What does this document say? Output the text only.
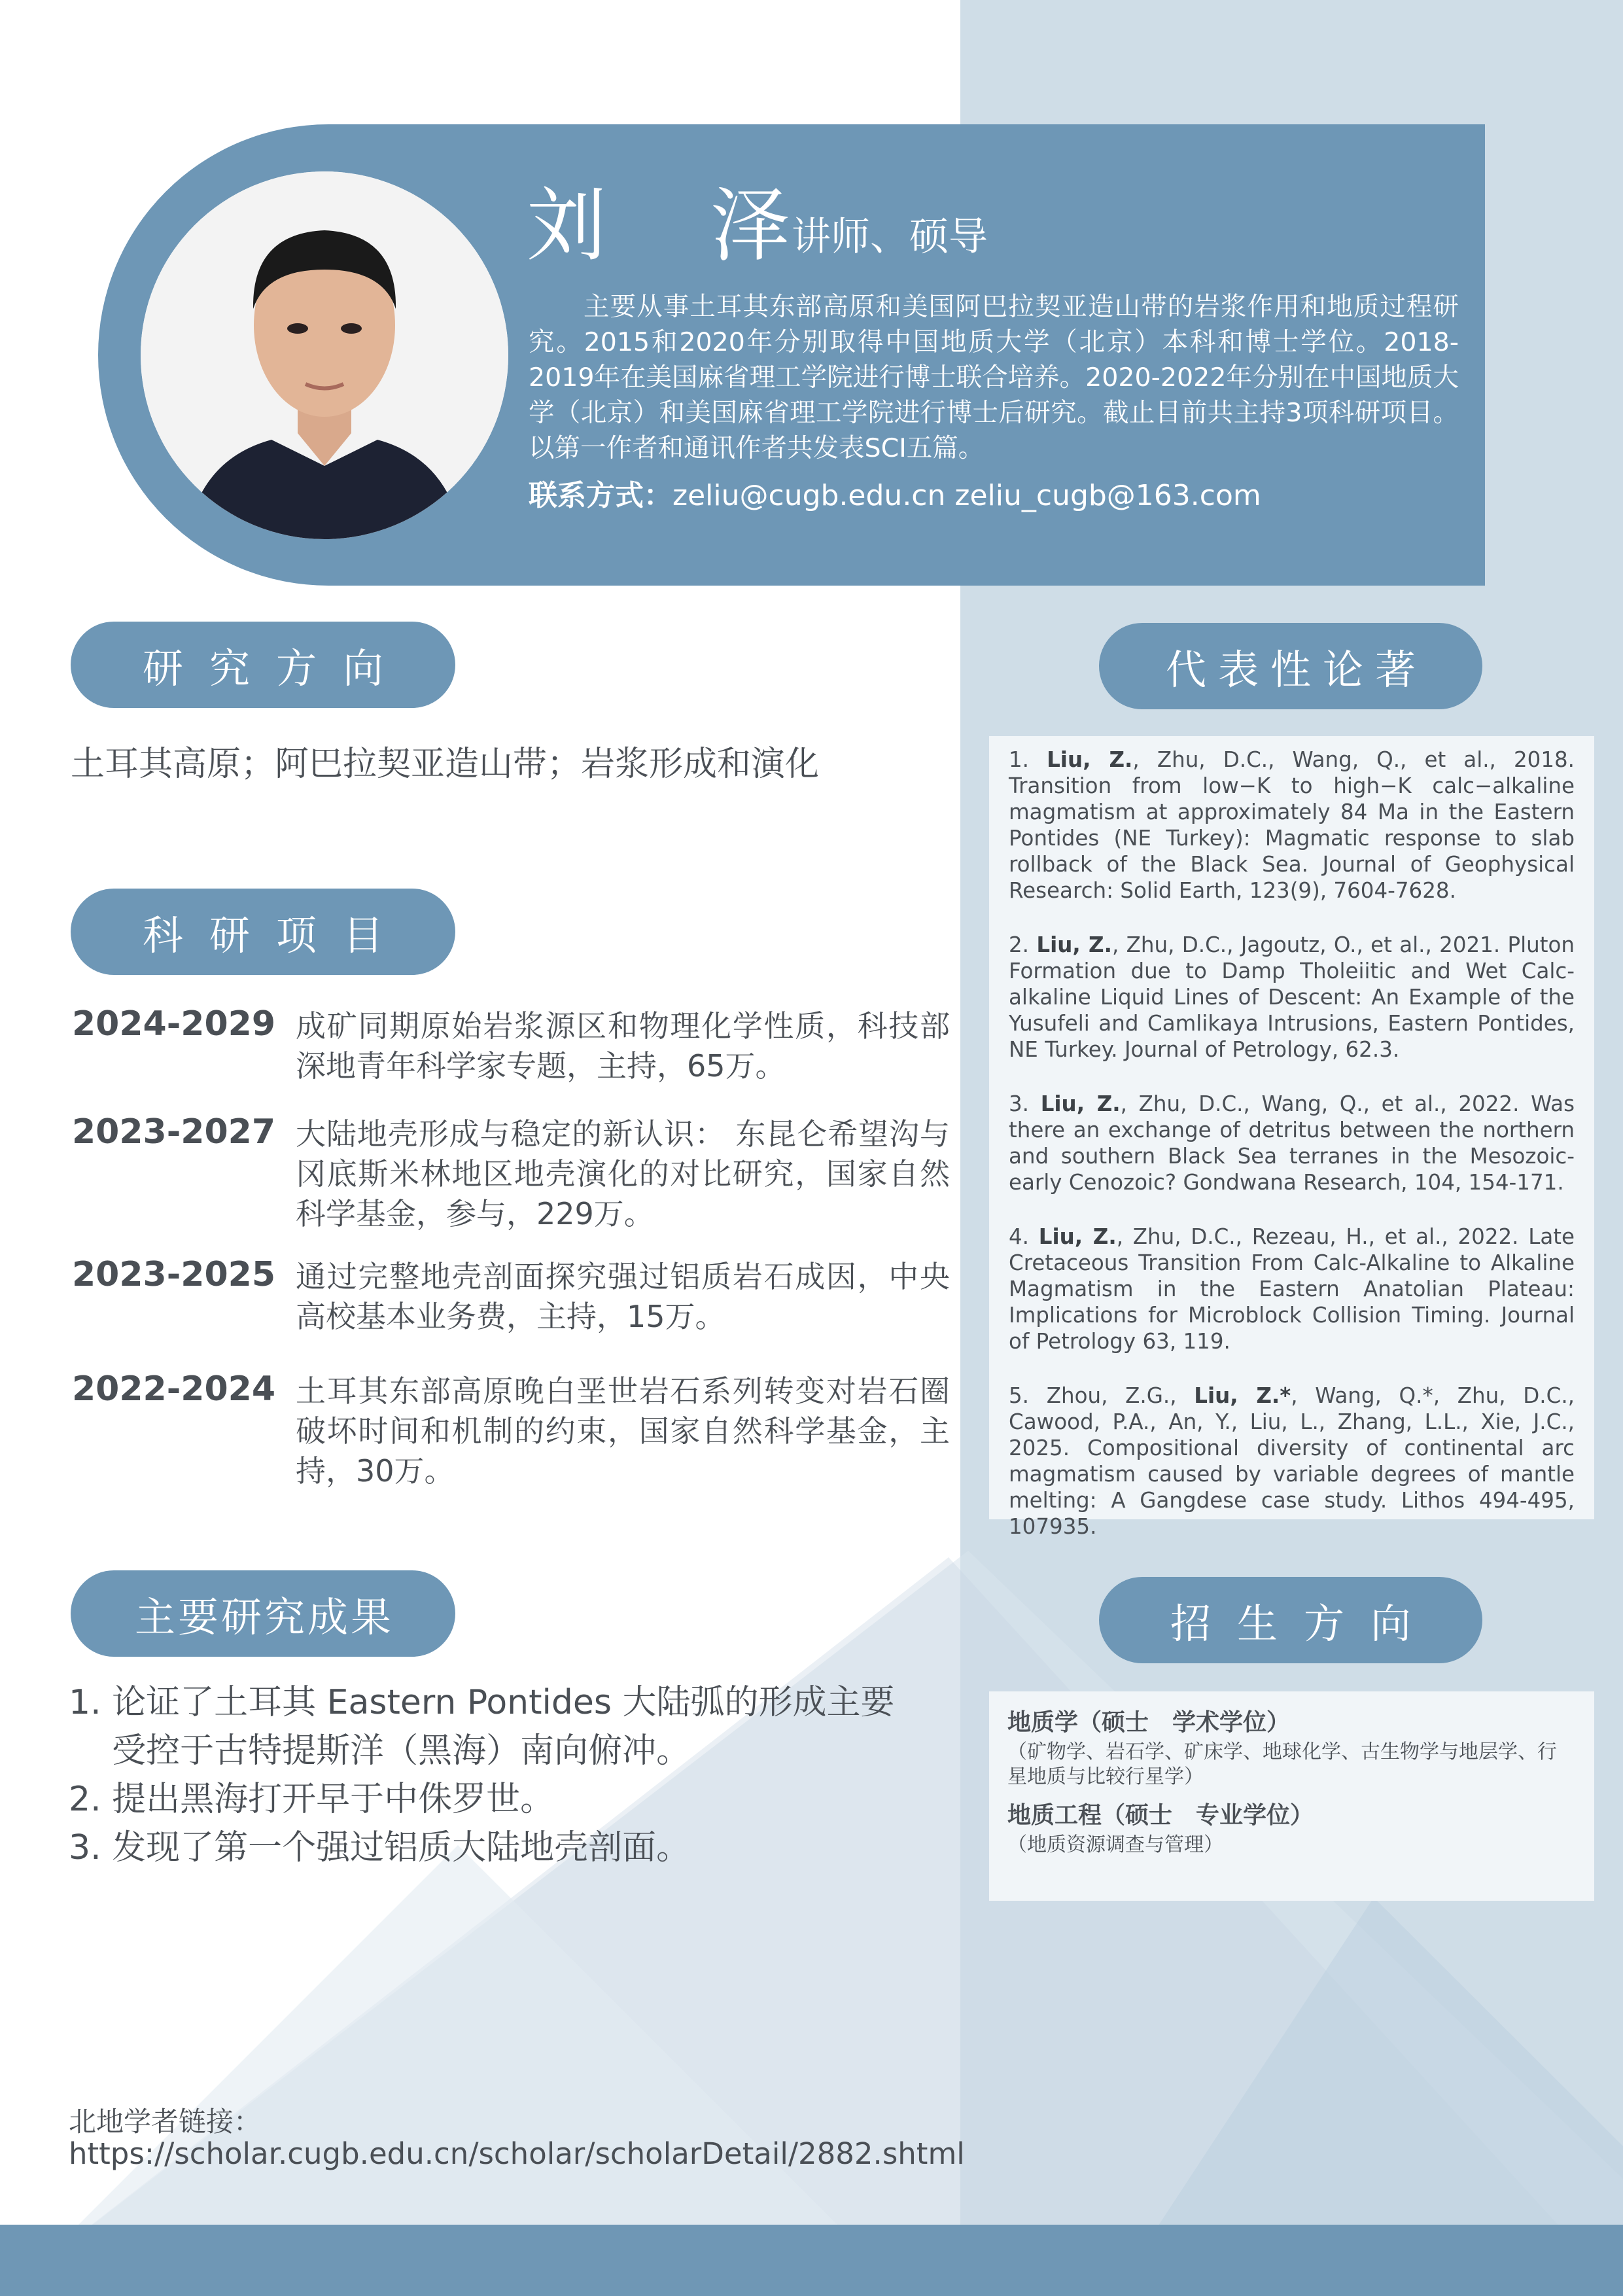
刘 泽
讲师、硕导
主要从事土耳其东部高原和美国阿巴拉契亚造山带的岩浆作用和地质过程研究。2015和2020年分别取得中国地质大学（北京）本科和博士学位。2018-2019年在美国麻省理工学院进行博士联合培养。2020-2022年分别在中国地质大学（北京）和美国麻省理工学院进行博士后研究。截止目前共主持3项科研项目。以第一作者和通讯作者共发表SCI五篇。
联系方式：zeliu@cugb.edu.cn zeliu_cugb@163.com
研究方向
土耳其高原；阿巴拉契亚造山带；岩浆形成和演化
科研项目
2024-2029 成矿同期原始岩浆源区和物理化学性质，科技部深地青年科学家专题，主持，65万。
2023-2027 大陆地壳形成与稳定的新认识： 东昆仑希望沟与冈底斯米林地区地壳演化的对比研究，国家自然科学基金，参与，229万。
2023-2025 通过完整地壳剖面探究强过铝质岩石成因，中央高校基本业务费，主持，15万。
2022-2024 土耳其东部高原晚白垩世岩石系列转变对岩石圈破坏时间和机制的约束，国家自然科学基金，主持，30万。
主要研究成果
1. 论证了土耳其 Eastern Pontides 大陆弧的形成主要
受控于古特提斯洋（黑海）南向俯冲。
2. 提出黑海打开早于中侏罗世。
3. 发现了第一个强过铝质大陆地壳剖面。
北地学者链接：
https://scholar.cugb.edu.cn/scholar/scholarDetail/2882.shtml
代表性论著
1. Liu, Z., Zhu, D.C., Wang, Q., et al., 2018. Transition from low−K to high−K calc−alkaline magmatism at approximately 84 Ma in the Eastern Pontides (NE Turkey): Magmatic response to slab rollback of the Black Sea. Journal of Geophysical Research: Solid Earth, 123(9), 7604-7628.
2. Liu, Z., Zhu, D.C., Jagoutz, O., et al., 2021. Pluton Formation due to Damp Tholeiitic and Wet Calc-alkaline Liquid Lines of Descent: An Example of the Yusufeli and Camlikaya Intrusions, Eastern Pontides, NE Turkey. Journal of Petrology, 62.3.
3. Liu, Z., Zhu, D.C., Wang, Q., et al., 2022. Was there an exchange of detritus between the northern and southern Black Sea terranes in the Mesozoic-early Cenozoic? Gondwana Research, 104, 154-171.
4. Liu, Z., Zhu, D.C., Rezeau, H., et al., 2022. Late Cretaceous Transition From Calc-Alkaline to Alkaline Magmatism in the Eastern Anatolian Plateau: Implications for Microblock Collision Timing. Journal of Petrology 63, 119.
5. Zhou, Z.G., Liu, Z.*, Wang, Q.*, Zhu, D.C., Cawood, P.A., An, Y., Liu, L., Zhang, L.L., Xie, J.C., 2025. Compositional diversity of continental arc magmatism caused by variable degrees of mantle melting: A Gangdese case study. Lithos 494-495, 107935.
招生方向
地质学（硕士　学术学位）
（矿物学、岩石学、矿床学、地球化学、古生物学与地层学、行星地质与比较行星学）
地质工程（硕士　专业学位）
（地质资源调查与管理）
